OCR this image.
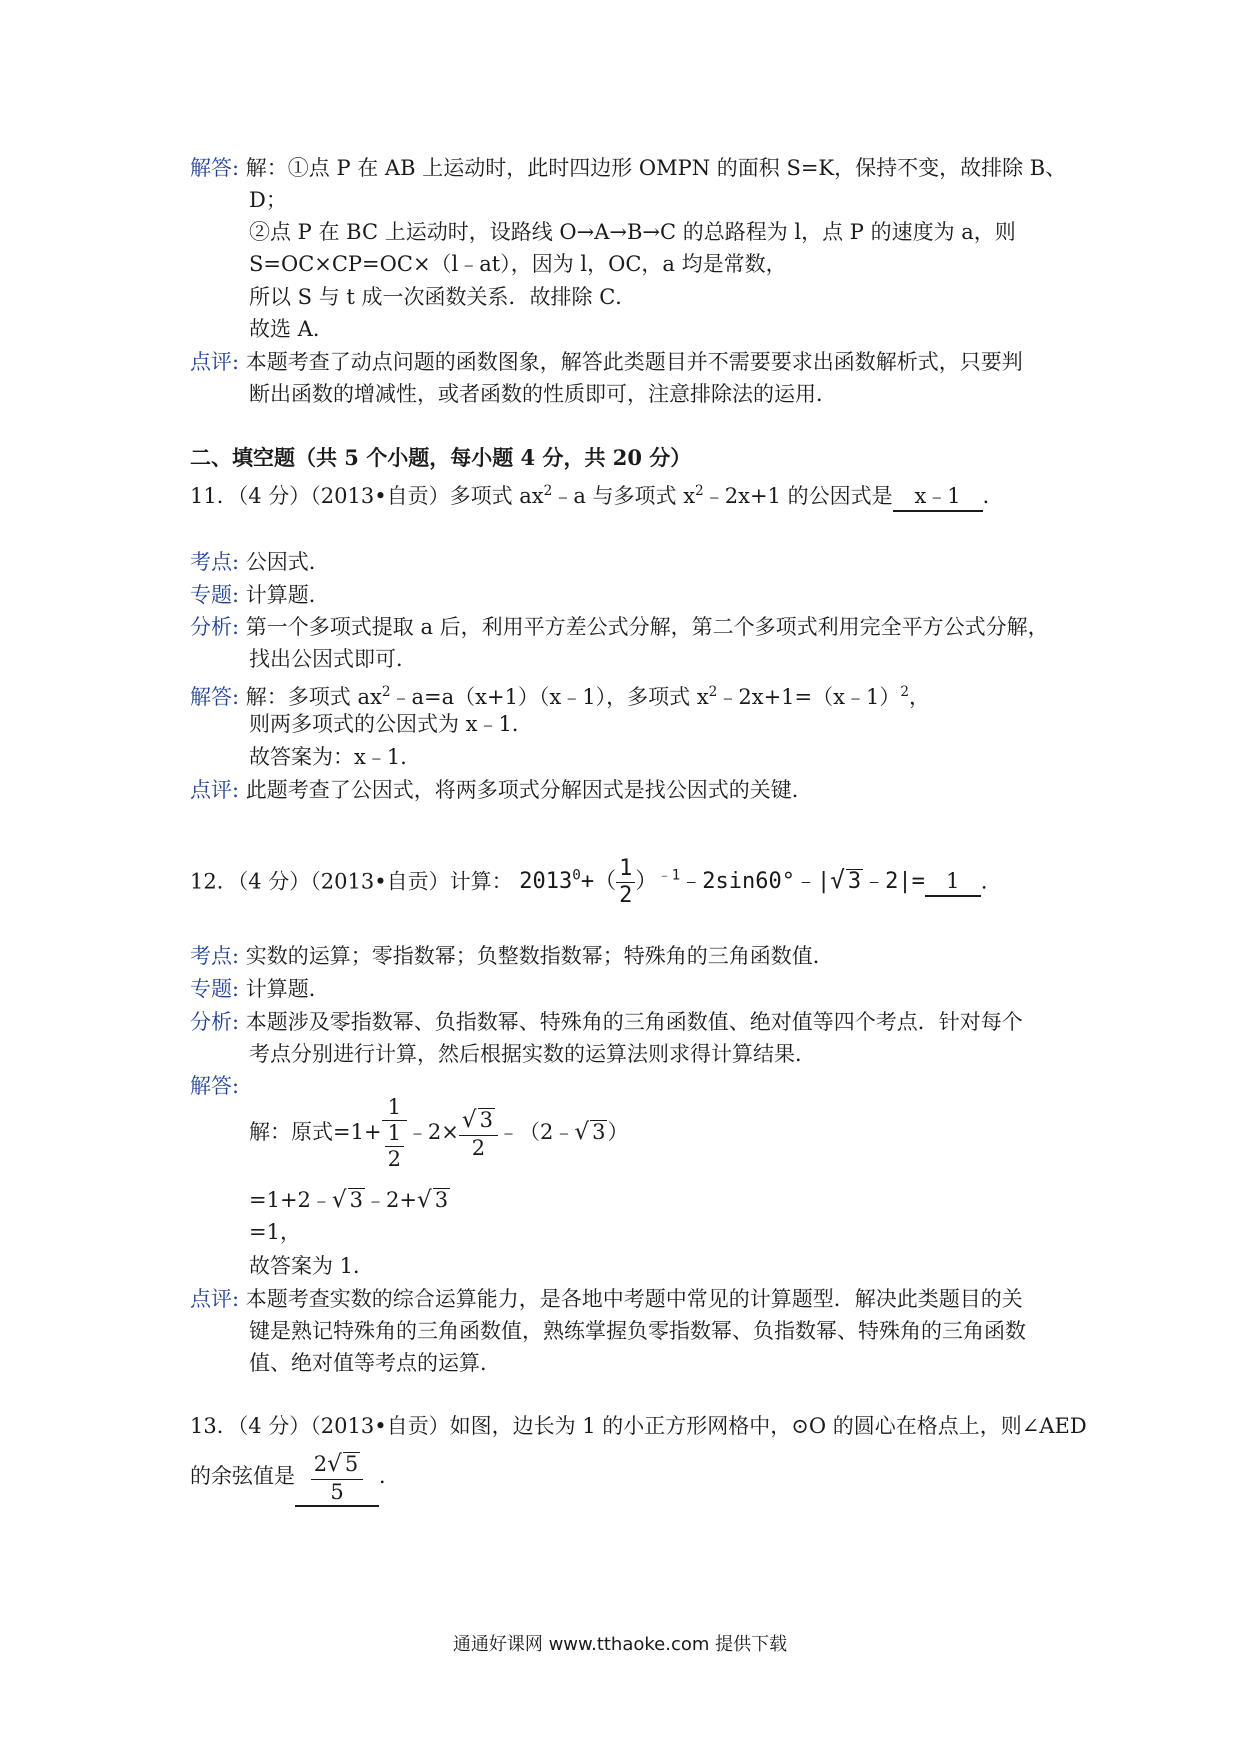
解答: 解：①点 P 在 AB 上运动时，此时四边形 OMPN 的面积 S=K，保持不变，故排除 B、
D；
②点 P 在 BC 上运动时，设路线 O→A→B→C 的总路程为 l，点 P 的速度为 a，则
S=OC×CP=OC×（l﹣at），因为 l，OC，a 均是常数，
所以 S 与 t 成一次函数关系．故排除 C．
故选 A．
点评: 本题考查了动点问题的函数图象，解答此类题目并不需要要求出函数解析式，只要判
断出函数的增减性，或者函数的性质即可，注意排除法的运用．
二、填空题（共 5 个小题，每小题 4 分，共 20 分）
11．（4 分）（2013•自贡）多项式 $ax^2﹣a$ 与多项式 $x^2﹣2x+1$ 的公因式是 x﹣1 ．
考点: 公因式．
专题: 计算题．
分析: 第一个多项式提取 a 后，利用平方差公式分解，第二个多项式利用完全平方公式分解，
找出公因式即可．
解答: 解：多项式 $ax^2﹣a=a(x+1)(x﹣1)$，多项式 $x^2﹣2x+1=(x﹣1)^2$，
则两多项式的公因式为 x﹣1．
故答案为：x﹣1．
点评: 此题考查了公因式，将两多项式分解因式是找公因式的关键．
12．（4 分）（2013•自贡）计算： $2013^0+( \frac{1}{2}$ ）$^{﹣1}﹣2\sin 60^\circ﹣|√$ 3﹣2|= 1 ．
考点: 实数的运算；零指数幂；负整数指数幂；特殊角的三角函数值．
专题: 计算题．
分析: 本题涉及零指数幂、负指数幂、特殊角的三角函数值、绝对值等四个考点．针对每个
考点分别进行计算，然后根据实数的运算法则求得计算结果．
解答:
解：原式$=1+ \frac{1}{\frac{1}{2}}$ ﹣2× $\frac{√ 3}{2}$ ﹣（2﹣√ 3）
=1+2﹣√ 3﹣2+√ 3
=1，
故答案为 1．
点评: 本题考查实数的综合运算能力，是各地中考题中常见的计算题型．解决此类题目的关
键是熟记特殊角的三角函数值，熟练掌握负零指数幂、负指数幂、特殊角的三角函数
值、绝对值等考点的运算．
13．（4 分）（2013•自贡）如图，边长为 1 的小正方形网格中，⊙O 的圆心在格点上，则∠AED
的余弦值是 $\frac{2√ 5}{5}$ ．
通通好课网 www.tthaoke.com 提供下载
